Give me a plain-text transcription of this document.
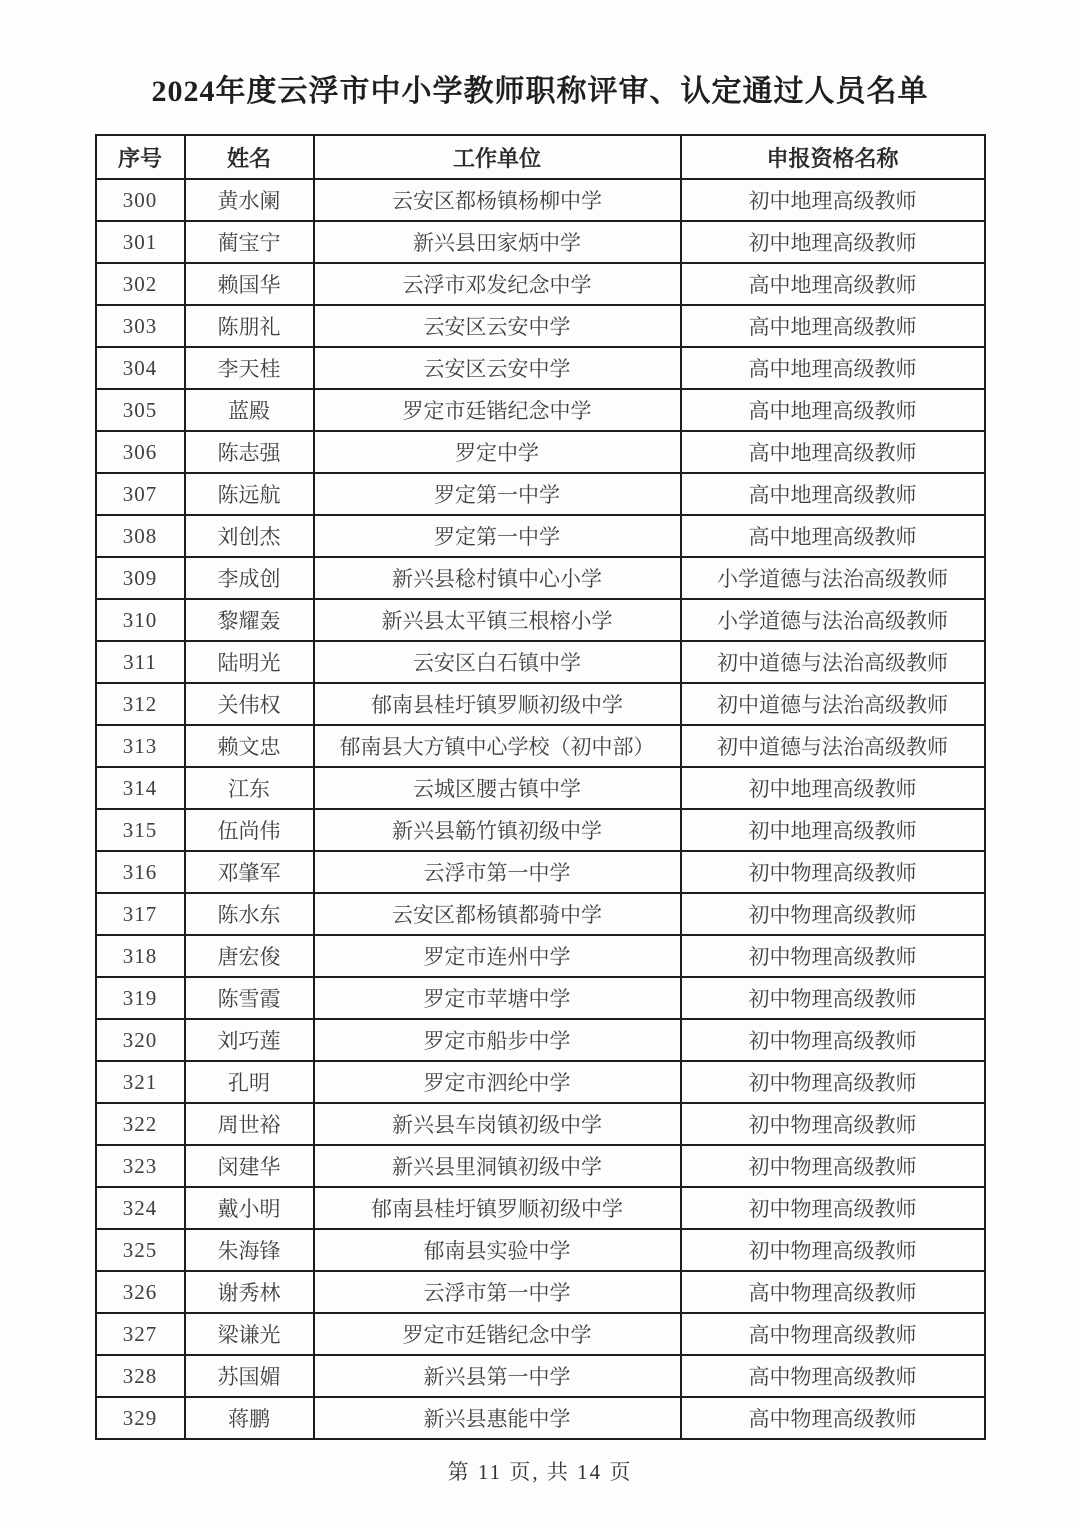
2024年度云浮市中小学教师职称评审、认定通过人员名单
序号	姓名	工作单位	申报资格名称
300	黄水阑	云安区都杨镇杨柳中学	初中地理高级教师
301	蔺宝宁	新兴县田家炳中学	初中地理高级教师
302	赖国华	云浮市邓发纪念中学	高中地理高级教师
303	陈朋礼	云安区云安中学	高中地理高级教师
304	李天桂	云安区云安中学	高中地理高级教师
305	蓝殿	罗定市廷锴纪念中学	高中地理高级教师
306	陈志强	罗定中学	高中地理高级教师
307	陈远航	罗定第一中学	高中地理高级教师
308	刘创杰	罗定第一中学	高中地理高级教师
309	李成创	新兴县稔村镇中心小学	小学道德与法治高级教师
310	黎耀轰	新兴县太平镇三根榕小学	小学道德与法治高级教师
311	陆明光	云安区白石镇中学	初中道德与法治高级教师
312	关伟权	郁南县桂圩镇罗顺初级中学	初中道德与法治高级教师
313	赖文忠	郁南县大方镇中心学校（初中部）	初中道德与法治高级教师
314	江东	云城区腰古镇中学	初中地理高级教师
315	伍尚伟	新兴县簕竹镇初级中学	初中地理高级教师
316	邓肇军	云浮市第一中学	初中物理高级教师
317	陈水东	云安区都杨镇都骑中学	初中物理高级教师
318	唐宏俊	罗定市连州中学	初中物理高级教师
319	陈雪霞	罗定市苹塘中学	初中物理高级教师
320	刘巧莲	罗定市船步中学	初中物理高级教师
321	孔明	罗定市泗纶中学	初中物理高级教师
322	周世裕	新兴县车岗镇初级中学	初中物理高级教师
323	闵建华	新兴县里洞镇初级中学	初中物理高级教师
324	戴小明	郁南县桂圩镇罗顺初级中学	初中物理高级教师
325	朱海锋	郁南县实验中学	初中物理高级教师
326	谢秀林	云浮市第一中学	高中物理高级教师
327	梁谦光	罗定市廷锴纪念中学	高中物理高级教师
328	苏国媚	新兴县第一中学	高中物理高级教师
329	蒋鹏	新兴县惠能中学	高中物理高级教师
第 11 页, 共 14 页
